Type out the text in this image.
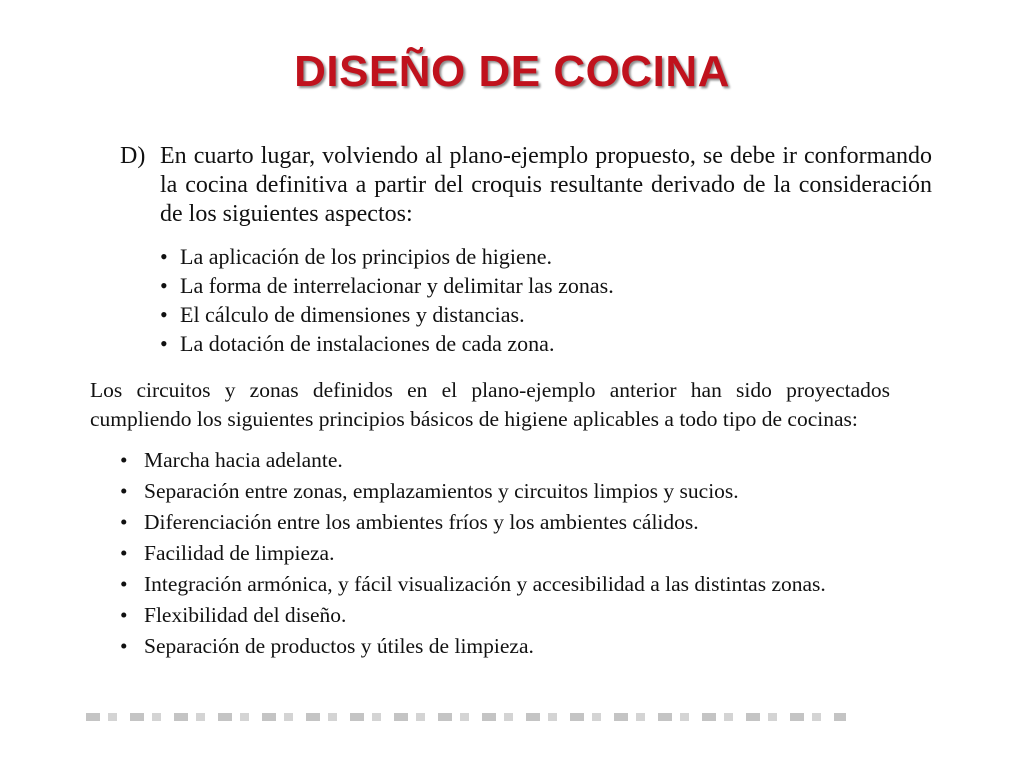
DISEÑO DE COCINA
D) En cuarto lugar, volviendo al plano-ejemplo propuesto, se debe ir conformando la cocina definitiva a partir del croquis resultante derivado de la consideración de los siguientes aspectos:

• La aplicación de los principios de higiene.
• La forma de interrelacionar y delimitar las zonas.
• El cálculo de dimensiones y distancias.
• La dotación de instalaciones de cada zona.

Los circuitos y zonas definidos en el plano-ejemplo anterior han sido proyectados cumpliendo los siguientes principios básicos de higiene aplicables a todo tipo de cocinas:

• Marcha hacia adelante.
• Separación entre zonas, emplazamientos y circuitos limpios y sucios.
• Diferenciación entre los ambientes fríos y los ambientes cálidos.
• Facilidad de limpieza.
• Integración armónica, y fácil visualización y accesibilidad a las distintas zonas.
• Flexibilidad del diseño.
• Separación de productos y útiles de limpieza.
